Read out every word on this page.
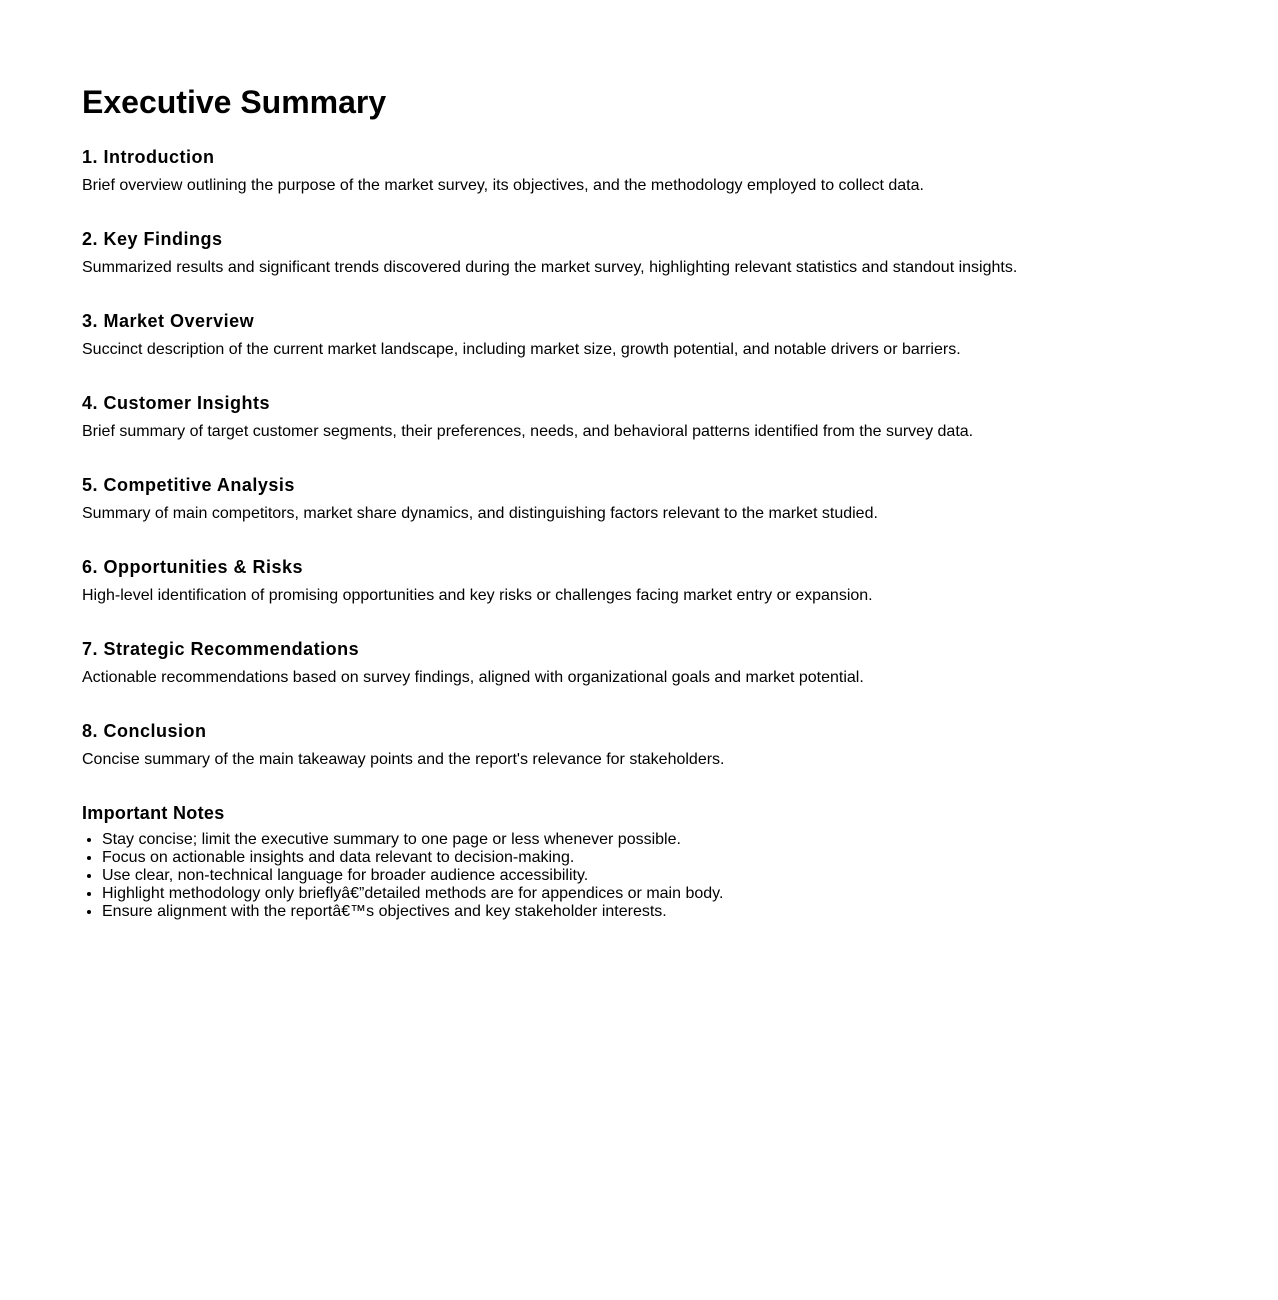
Executive Summary
1. Introduction

Brief overview outlining the purpose of the market survey, its objectives, and the methodology employed to collect data.

2. Key Findings

Summarized results and significant trends discovered during the market survey, highlighting relevant statistics and standout insights.

3. Market Overview

Succinct description of the current market landscape, including market size, growth potential, and notable drivers or barriers.

4. Customer Insights

Brief summary of target customer segments, their preferences, needs, and behavioral patterns identified from the survey data.

5. Competitive Analysis

Summary of main competitors, market share dynamics, and distinguishing factors relevant to the market studied.

6. Opportunities & Risks

High-level identification of promising opportunities and key risks or challenges facing market entry or expansion.

7. Strategic Recommendations

Actionable recommendations based on survey findings, aligned with organizational goals and market potential.

8. Conclusion

Concise summary of the main takeaway points and the report's relevance for stakeholders.

Important Notes
• Stay concise; limit the executive summary to one page or less whenever possible.
• Focus on actionable insights and data relevant to decision-making.
• Use clear, non-technical language for broader audience accessibility.
• Highlight methodology only brieflyâ€”detailed methods are for appendices or main body.
• Ensure alignment with the reportâ€™s objectives and key stakeholder interests.
